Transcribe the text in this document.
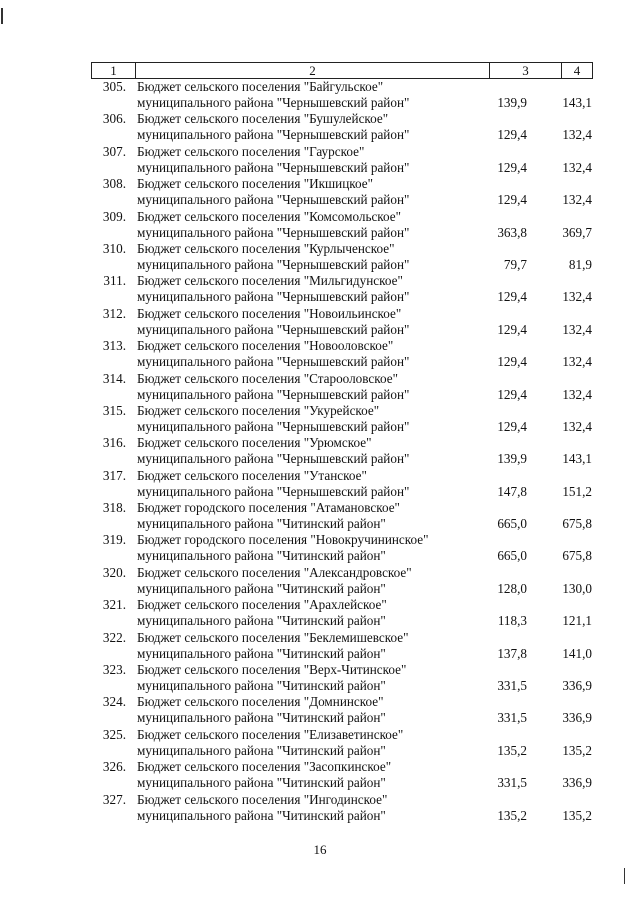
1	2	3	4
305. Бюджет сельского поселения "Байгульское"
муниципального района "Чернышевский район"	139,9	143,1
306. Бюджет сельского поселения "Бушулейское"
муниципального района "Чернышевский район"	129,4	132,4
307. Бюджет сельского поселения "Гаурское"
муниципального района "Чернышевский район"	129,4	132,4
308. Бюджет сельского поселения "Икшицкое"
муниципального района "Чернышевский район"	129,4	132,4
309. Бюджет сельского поселения "Комсомольское"
муниципального района "Чернышевский район"	363,8	369,7
310. Бюджет сельского поселения "Курлыченское"
муниципального района "Чернышевский район"	79,7	81,9
311. Бюджет сельского поселения "Мильгидунское"
муниципального района "Чернышевский район"	129,4	132,4
312. Бюджет сельского поселения "Новоильинское"
муниципального района "Чернышевский район"	129,4	132,4
313. Бюджет сельского поселения "Новооловское"
муниципального района "Чернышевский район"	129,4	132,4
314. Бюджет сельского поселения "Старооловское"
муниципального района "Чернышевский район"	129,4	132,4
315. Бюджет сельского поселения "Укурейское"
муниципального района "Чернышевский район"	129,4	132,4
316. Бюджет сельского поселения "Урюмское"
муниципального района "Чернышевский район"	139,9	143,1
317. Бюджет сельского поселения "Утанское"
муниципального района "Чернышевский район"	147,8	151,2
318. Бюджет городского поселения "Атамановское"
муниципального района "Читинский район"	665,0	675,8
319. Бюджет городского поселения "Новокручининское"
муниципального района "Читинский район"	665,0	675,8
320. Бюджет сельского поселения "Александровское"
муниципального района "Читинский район"	128,0	130,0
321. Бюджет сельского поселения "Арахлейское"
муниципального района "Читинский район"	118,3	121,1
322. Бюджет сельского поселения "Беклемишевское"
муниципального района "Читинский район"	137,8	141,0
323. Бюджет сельского поселения "Верх-Читинское"
муниципального района "Читинский район"	331,5	336,9
324. Бюджет сельского поселения "Домнинское"
муниципального района "Читинский район"	331,5	336,9
325. Бюджет сельского поселения "Елизаветинское"
муниципального района "Читинский район"	135,2	135,2
326. Бюджет сельского поселения "Засопкинское"
муниципального района "Читинский район"	331,5	336,9
327. Бюджет сельского поселения "Ингодинское"
муниципального района "Читинский район"	135,2	135,2
16
